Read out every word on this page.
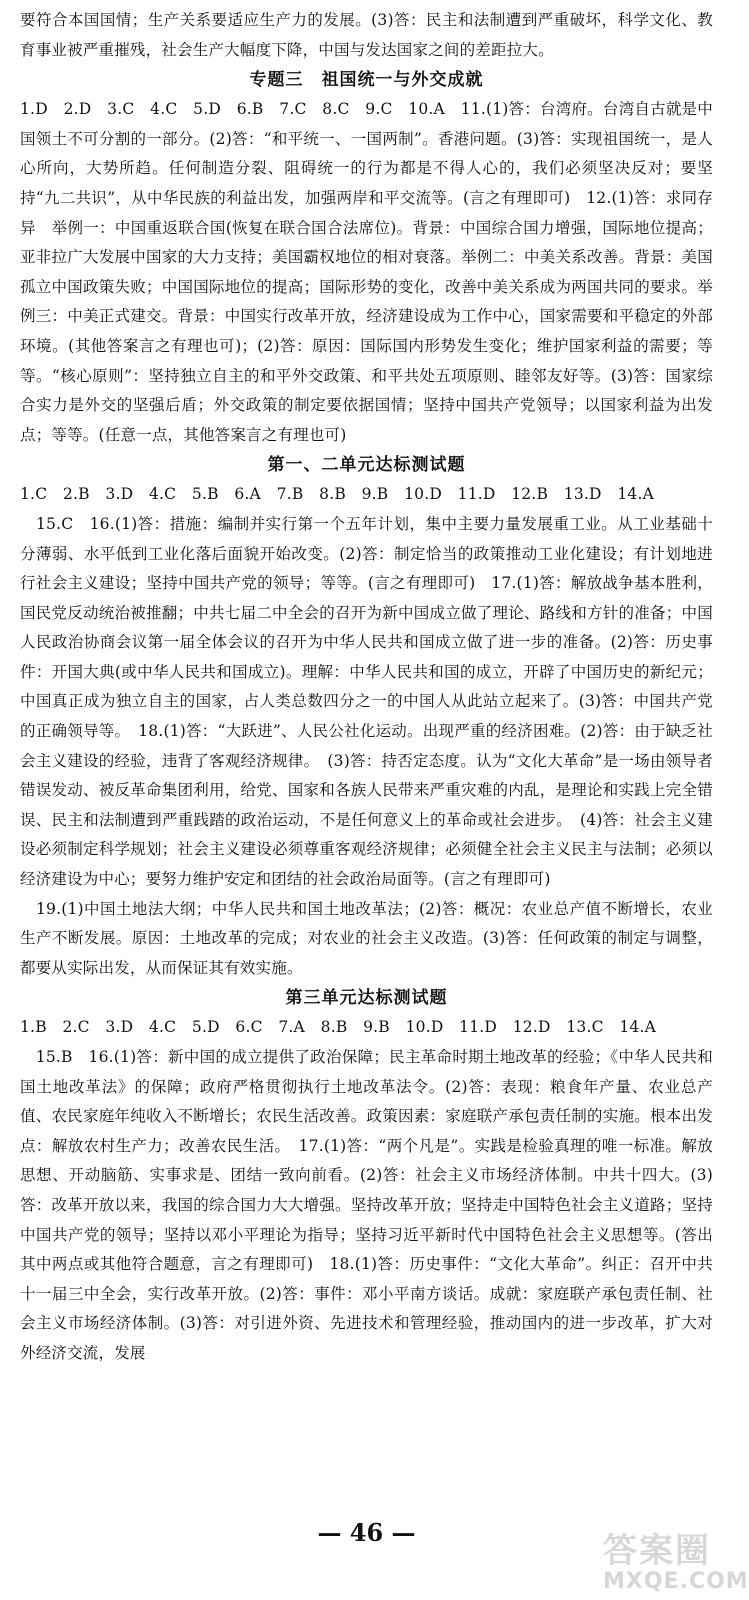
要符合本国国情；生产关系要适应生产力的发展。(3)答：民主和法制遭到严重破坏，科学文化、教育事业被严重摧残，社会生产大幅度下降，中国与发达国家之间的差距拉大。

专题三　祖国统一与外交成就

1.D　2.D　3.C　4.C　5.D　6.B　7.C　8.C　9.C　10.A　11.(1)答：台湾府。台湾自古就是中国领土不可分割的一部分。(2)答：“和平统一、一国两制”。香港问题。(3)答：实现祖国统一，是人心所向，大势所趋。任何制造分裂、阻碍统一的行为都是不得人心的，我们必须坚决反对；要坚持“九二共识”，从中华民族的利益出发，加强两岸和平交流等。(言之有理即可)　12.(1)答：求同存异　举例一：中国重返联合国(恢复在联合国合法席位)。背景：中国综合国力增强，国际地位提高；亚非拉广大发展中国家的大力支持；美国霸权地位的相对衰落。举例二：中美关系改善。背景：美国孤立中国政策失败；中国国际地位的提高；国际形势的变化，改善中美关系成为两国共同的要求。举例三：中美正式建交。背景：中国实行改革开放，经济建设成为工作中心，国家需要和平稳定的外部环境。(其他答案言之有理也可)；(2)答：原因：国际国内形势发生变化；维护国家利益的需要；等等。“核心原则”：坚持独立自主的和平外交政策、和平共处五项原则、睦邻友好等。(3)答：国家综合实力是外交的坚强后盾；外交政策的制定要依据国情；坚持中国共产党领导；以国家利益为出发点；等等。(任意一点，其他答案言之有理也可)

第一、二单元达标测试题

1.C　2.B　3.D　4.C　5.B　6.A　7.B　8.B　9.B　10.D　11.D　12.B　13.D　14.A

　15.C　16.(1)答：措施：编制并实行第一个五年计划，集中主要力量发展重工业。从工业基础十分薄弱、水平低到工业化落后面貌开始改变。(2)答：制定恰当的政策推动工业化建设；有计划地进行社会主义建设；坚持中国共产党的领导；等等。(言之有理即可)　17.(1)答：解放战争基本胜利，国民党反动统治被推翻；中共七届二中全会的召开为新中国成立做了理论、路线和方针的准备；中国人民政治协商会议第一届全体会议的召开为中华人民共和国成立做了进一步的准备。(2)答：历史事件：开国大典(或中华人民共和国成立)。理解：中华人民共和国的成立，开辟了中国历史的新纪元；中国真正成为独立自主的国家，占人类总数四分之一的中国人从此站立起来了。(3)答：中国共产党的正确领导等。　18.(1)答：“大跃进”、人民公社化运动。出现严重的经济困难。(2)答：由于缺乏社会主义建设的经验，违背了客观经济规律。　(3)答：持否定态度。认为“文化大革命”是一场由领导者错误发动、被反革命集团利用，给党、国家和各族人民带来严重灾难的内乱，是理论和实践上完全错误、民主和法制遭到严重践踏的政治运动，不是任何意义上的革命或社会进步。　(4)答：社会主义建设必须制定科学规划；社会主义建设必须尊重客观经济规律；必须健全社会主义民主与法制；必须以经济建设为中心；要努力维护安定和团结的社会政治局面等。(言之有理即可)

　19.(1)中国土地法大纲；中华人民共和国土地改革法；(2)答：概况：农业总产值不断增长，农业生产不断发展。原因：土地改革的完成；对农业的社会主义改造。(3)答：任何政策的制定与调整，都要从实际出发，从而保证其有效实施。

第三单元达标测试题

1.B　2.C　3.D　4.C　5.D　6.C　7.A　8.B　9.B　10.D　11.D　12.D　13.C　14.A

　15.B　16.(1)答：新中国的成立提供了政治保障；民主革命时期土地改革的经验；《中华人民共和国土地改革法》的保障；政府严格贯彻执行土地改革法令。(2)答：表现：粮食年产量、农业总产值、农民家庭年纯收入不断增长；农民生活改善。政策因素：家庭联产承包责任制的实施。根本出发点：解放农村生产力；改善农民生活。　17.(1)答：“两个凡是”。实践是检验真理的唯一标准。解放思想、开动脑筋、实事求是、团结一致向前看。(2)答：社会主义市场经济体制。中共十四大。(3)答：改革开放以来，我国的综合国力大大增强。坚持改革开放；坚持走中国特色社会主义道路；坚持中国共产党的领导；坚持以邓小平理论为指导；坚持习近平新时代中国特色社会主义思想等。(答出其中两点或其他符合题意，言之有理即可)　18.(1)答：历史事件：“文化大革命”。纠正：召开中共十一届三中全会，实行改革开放。(2)答：事件：邓小平南方谈话。成就：家庭联产承包责任制、社会主义市场经济体制。(3)答：对引进外资、先进技术和管理经验，推动国内的进一步改革，扩大对外经济交流，发展

— 46 —	答案圈
MXQE.COM
